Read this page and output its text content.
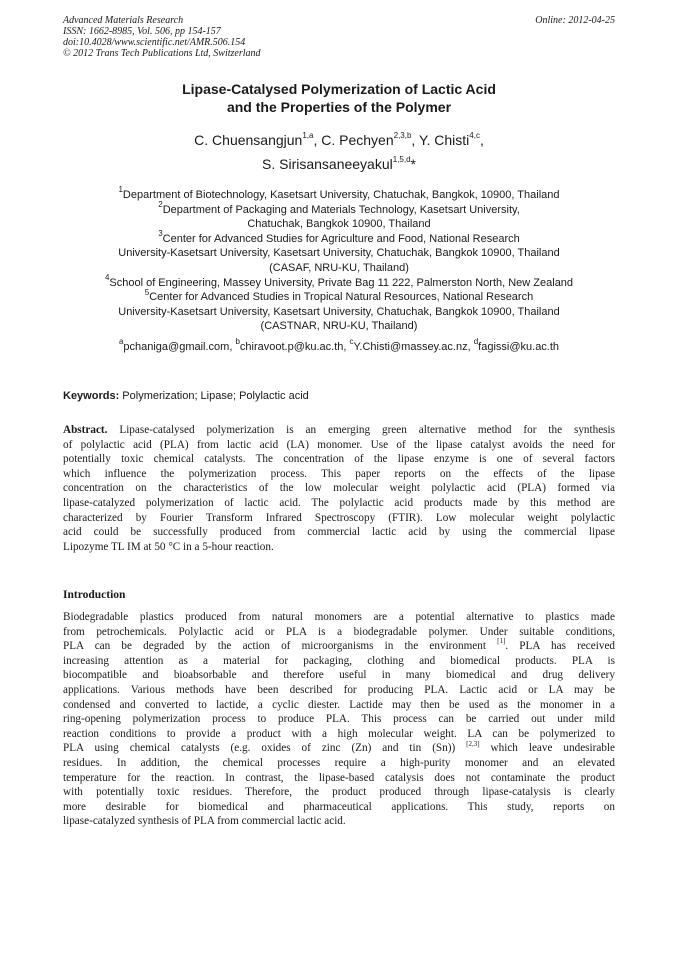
Advanced Materials Research
ISSN: 1662-8985, Vol. 506, pp 154-157
doi:10.4028/www.scientific.net/AMR.506.154
© 2012 Trans Tech Publications Ltd, Switzerland
Online: 2012-04-25
Lipase-Catalysed Polymerization of Lactic Acid
and the Properties of the Polymer
C. Chuensangjun$^{1,a}$, C. Pechyen$^{2,3,b}$, Y. Chisti$^{4,c}$,
S. Sirisansaneeyakul$^{1,5,d}$*
$^1$Department of Biotechnology, Kasetsart University, Chatuchak, Bangkok, 10900, Thailand
$^2$Department of Packaging and Materials Technology, Kasetsart University,
Chatuchak, Bangkok 10900, Thailand
$^3$Center for Advanced Studies for Agriculture and Food, National Research
University-Kasetsart University, Kasetsart University, Chatuchak, Bangkok 10900, Thailand
(CASAF, NRU-KU, Thailand)
$^4$School of Engineering, Massey University, Private Bag 11 222, Palmerston North, New Zealand
$^5$Center for Advanced Studies in Tropical Natural Resources, National Research
University-Kasetsart University, Kasetsart University, Chatuchak, Bangkok 10900, Thailand
(CASTNAR, NRU-KU, Thailand)
$^a$pchaniga@gmail.com, $^b$chiravoot.p@ku.ac.th, $^c$Y.Chisti@massey.ac.nz, $^d$fagissi@ku.ac.th
Keywords: Polymerization; Lipase; Polylactic acid
Abstract. Lipase-catalysed polymerization is an emerging green alternative method for the synthesis
of polylactic acid (PLA) from lactic acid (LA) monomer. Use of the lipase catalyst avoids the need for
potentially toxic chemical catalysts. The concentration of the lipase enzyme is one of several factors
which influence the polymerization process. This paper reports on the effects of the lipase
concentration on the characteristics of the low molecular weight polylactic acid (PLA) formed via
lipase-catalyzed polymerization of lactic acid. The polylactic acid products made by this method are
characterized by Fourier Transform Infrared Spectroscopy (FTIR). Low molecular weight polylactic
acid could be successfully produced from commercial lactic acid by using the commercial lipase
Lipozyme TL IM at 50 °C in a 5-hour reaction.
Introduction
Biodegradable plastics produced from natural monomers are a potential alternative to plastics made
from petrochemicals. Polylactic acid or PLA is a biodegradable polymer. Under suitable conditions,
PLA can be degraded by the action of microorganisms in the environment [1]. PLA has received
increasing attention as a material for packaging, clothing and biomedical products. PLA is
biocompatible and bioabsorbable and therefore useful in many biomedical and drug delivery
applications. Various methods have been described for producing PLA. Lactic acid or LA may be
condensed and converted to lactide, a cyclic diester. Lactide may then be used as the monomer in a
ring-opening polymerization process to produce PLA. This process can be carried out under mild
reaction conditions to provide a product with a high molecular weight. LA can be polymerized to
PLA using chemical catalysts (e.g. oxides of zinc (Zn) and tin (Sn)) [2,3] which leave undesirable
residues. In addition, the chemical processes require a high-purity monomer and an elevated
temperature for the reaction. In contrast, the lipase-based catalysis does not contaminate the product
with potentially toxic residues. Therefore, the product produced through lipase-catalysis is clearly
more desirable for biomedical and pharmaceutical applications. This study, reports on
lipase-catalyzed synthesis of PLA from commercial lactic acid.
